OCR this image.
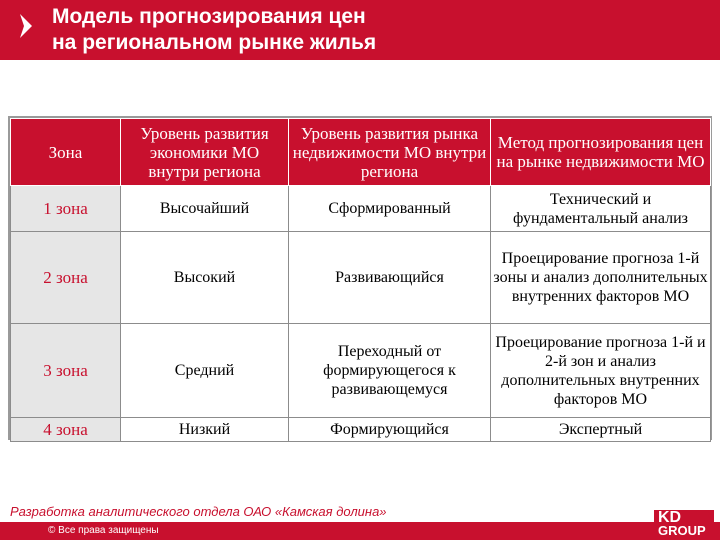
Модель прогнозирования цен
на региональном рынке жилья
Зона	Уровень развития экономики МО внутри региона	Уровень развития рынка недвижимости МО внутри региона	Метод прогнозирования цен на рынке недвижимости МО
1 зона	Высочайший	Сформированный	Технический и фундаментальный анализ
2 зона	Высокий	Развивающийся	Проецирование прогноза 1-й зоны и анализ дополнительных внутренних факторов МО
3 зона	Средний	Переходный от формирующегося к развивающемуся	Проецирование прогноза 1-й и 2-й зон и анализ дополнительных внутренних факторов МО
4 зона	Низкий	Формирующийся	Экспертный
Разработка аналитического отдела ОАО «Камская долина»
© Все права защищены
KD
GROUP
